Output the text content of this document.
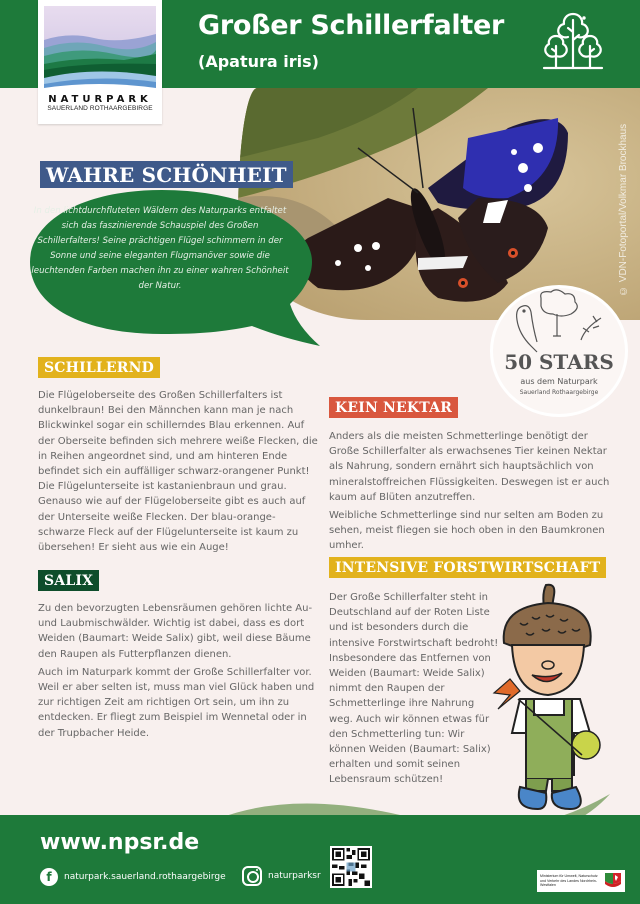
Großer Schillerfalter
(Apatura iris)
NATURPARK
SAUERLAND ROTHAARGEBIRGE
© VDN-Fotoportal/Volkmar Brockhaus
WAHRE SCHÖNHEIT
In den lichtdurchfluteten Wäldern des Naturparks entfaltet sich das faszinierende Schauspiel des Großen Schillerfalters! Seine prächtigen Flügel schimmern in der Sonne und seine eleganten Flugmanöver sowie die leuchtenden Farben machen ihn zu einer wahren Schönheit der Natur.
50 STARS
aus dem Naturpark
Sauerland Rothaargebirge
SCHILLERND

Die Flügeloberseite des Großen Schillerfalters ist dunkelbraun! Bei den Männchen kann man je nach Blickwinkel sogar ein schillerndes Blau erkennen. Auf der Oberseite befinden sich mehrere weiße Flecken, die in Reihen angeordnet sind, und am hinteren Ende befindet sich ein auffälliger schwarz-orangener Punkt! Die Flügelunterseite ist kastanienbraun und grau. Genauso wie auf der Flügeloberseite gibt es auch auf der Unterseite weiße Flecken. Der blau-orange-schwarze Fleck auf der Flügelunterseite ist kaum zu übersehen! Er sieht aus wie ein Auge!

SALIX

Zu den bevorzugten Lebensräumen gehören lichte Au- und Laubmischwälder. Wichtig ist dabei, dass es dort Weiden (Baumart: Weide Salix) gibt, weil diese Bäume den Raupen als Futterpflanzen dienen.

Auch im Naturpark kommt der Große Schillerfalter vor. Weil er aber selten ist, muss man viel Glück haben und zur richtigen Zeit am richtigen Ort sein, um ihn zu entdecken. Er fliegt zum Beispiel im Wennetal oder in der Trupbacher Heide.

KEIN NEKTAR

Anders als die meisten Schmetterlinge benötigt der Große Schillerfalter als erwachsenes Tier keinen Nektar als Nahrung, sondern ernährt sich hauptsächlich von mineralstoffreichen Flüssigkeiten. Deswegen ist er auch kaum auf Blüten anzutreffen.

Weibliche Schmetterlinge sind nur selten am Boden zu sehen, meist fliegen sie hoch oben in den Baumkronen umher.

INTENSIVE FORSTWIRTSCHAFT

Der Große Schillerfalter steht in Deutschland auf der Roten Liste und ist besonders durch die intensive Forstwirtschaft bedroht! Insbesondere das Entfernen von Weiden (Baumart: Weide Salix) nimmt den Raupen der Schmetterlinge ihre Nahrung weg. Auch wir können etwas für den Schmetterling tun: Wir können Weiden (Baumart: Salix) erhalten und somit seinen Lebensraum schützen!

www.npsr.de
f	naturpark.sauerland.rothaargebirge	naturparksr	Ministerium für Umwelt, Naturschutz und Verkehr des Landes Nordrhein-Westfalen
